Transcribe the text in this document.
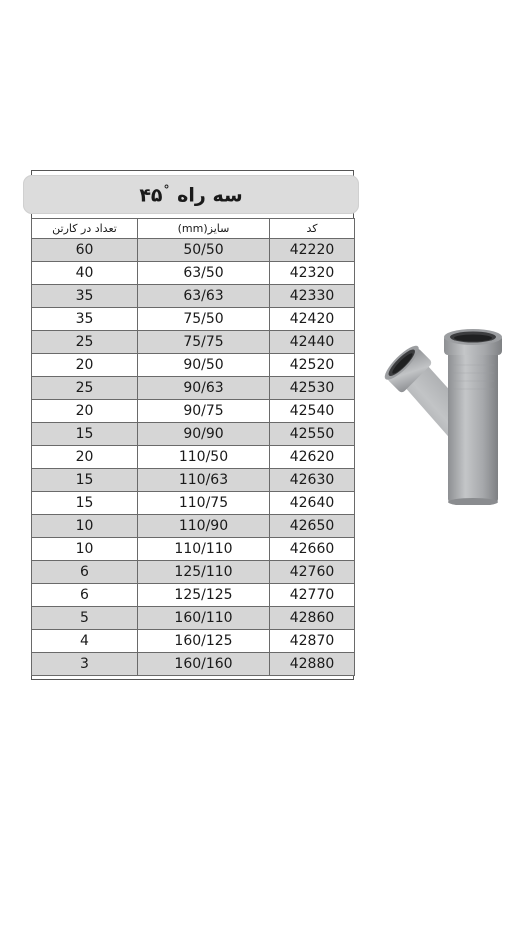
سه راه °۴۵
تعداد در کارتن	سایز(mm)	کد
60	50/50	42220
40	63/50	42320
35	63/63	42330
35	75/50	42420
25	75/75	42440
20	90/50	42520
25	90/63	42530
20	90/75	42540
15	90/90	42550
20	110/50	42620
15	110/63	42630
15	110/75	42640
10	110/90	42650
10	110/110	42660
6	125/110	42760
6	125/125	42770
5	160/110	42860
4	160/125	42870
3	160/160	42880
